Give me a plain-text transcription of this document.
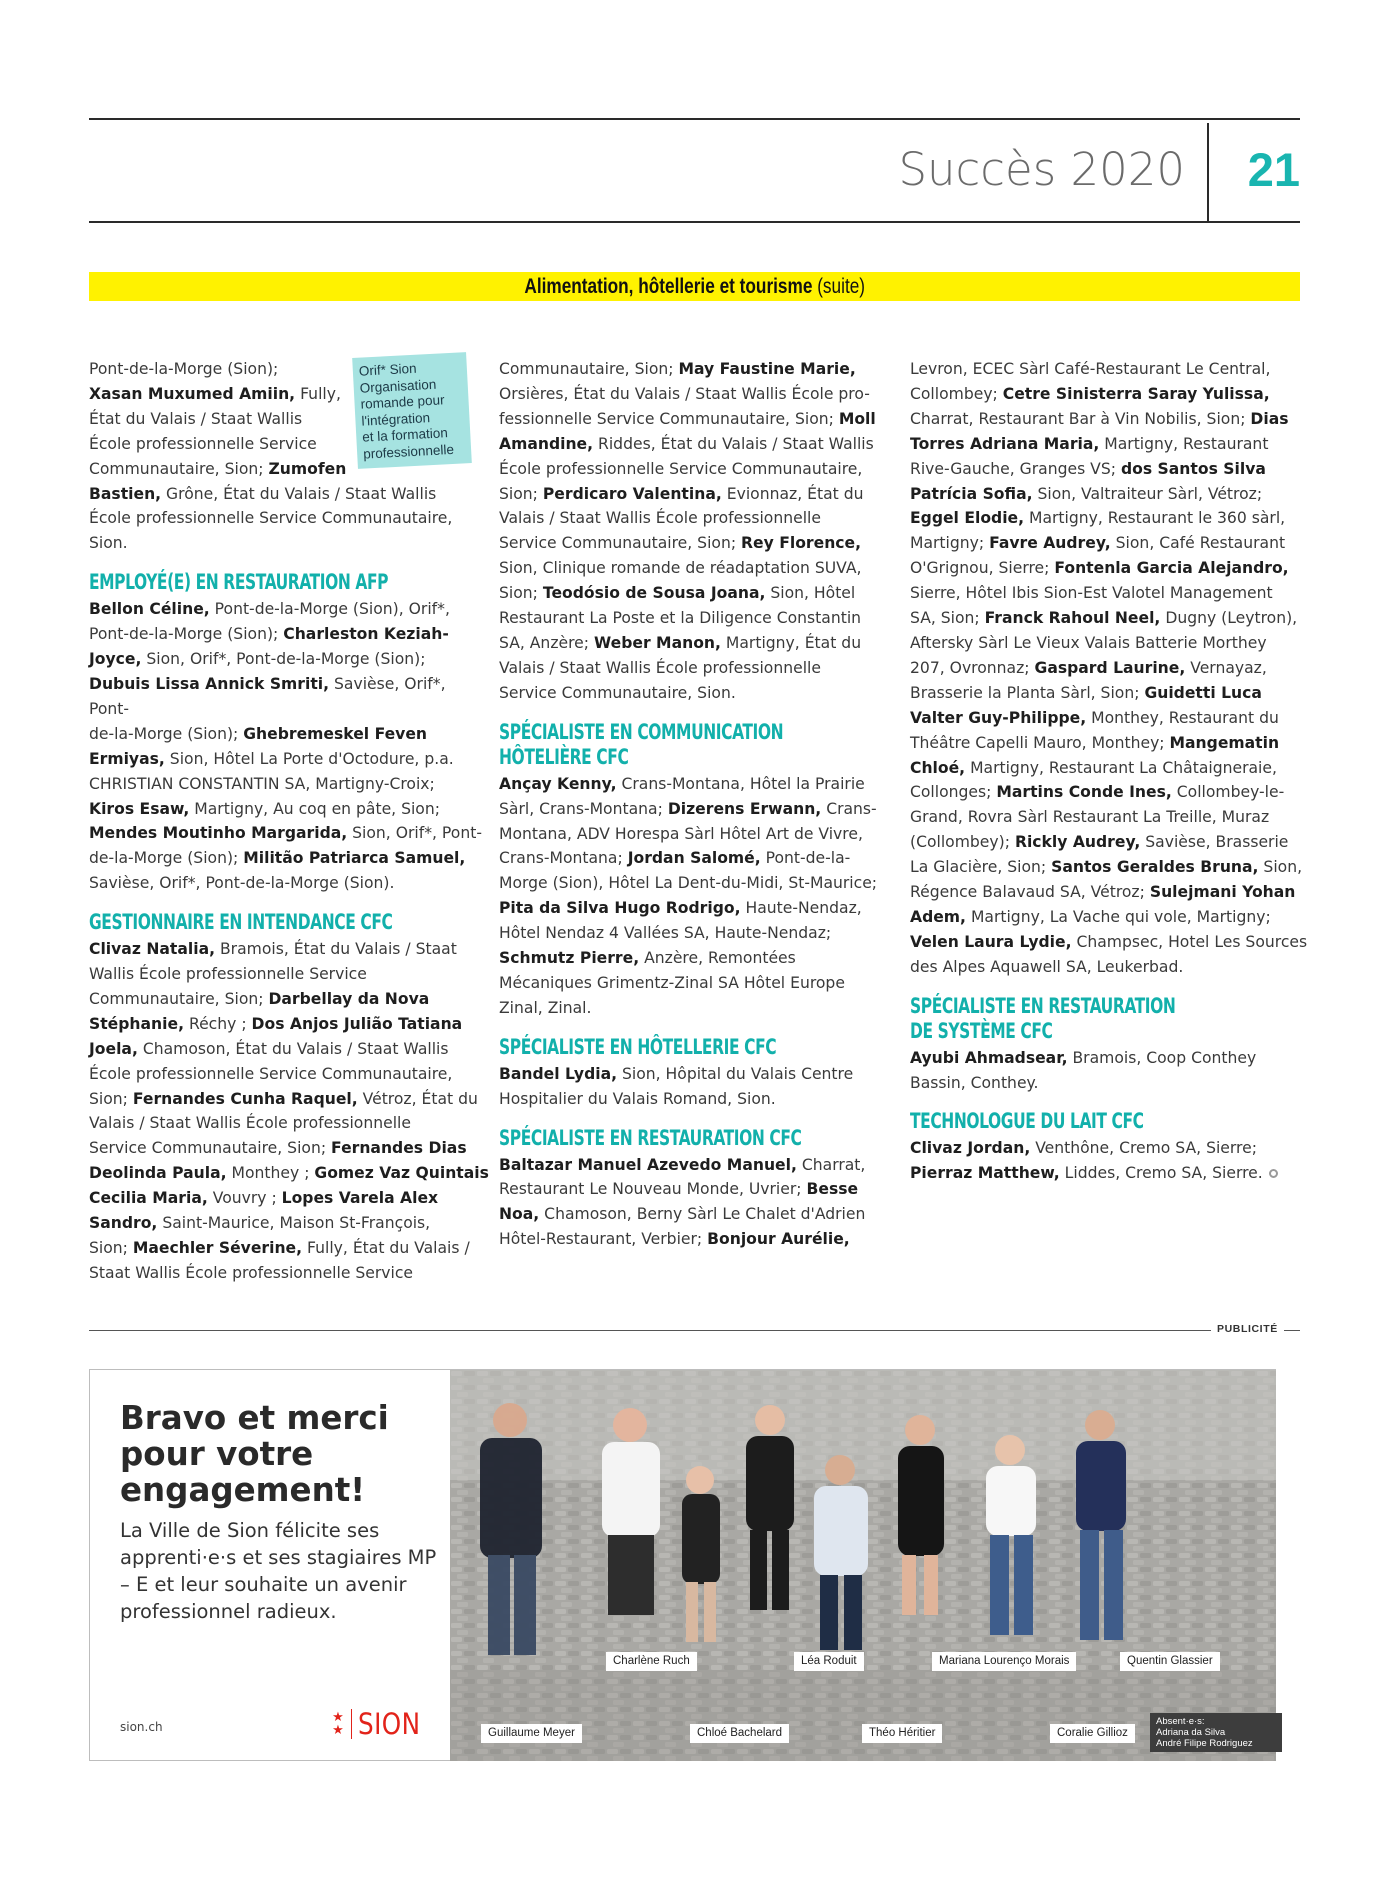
Succès 2020	21
Alimentation, hôtellerie et tourisme (suite)
Orif* Sion
Organisation
romande pour
l'intégration
et la formation
professionnelle

Pont-de-la-Morge (Sion);
Xasan Muxumed Amiin, Fully,
État du Valais / Staat Wallis
École professionnelle Service
Communautaire, Sion; Zumofen
Bastien, Grône, État du Valais / Staat Wallis
École professionnelle Service Communautaire,
Sion.

EMPLOYÉ(E) EN RESTAURATION AFP

Bellon Céline, Pont-de-la-Morge (Sion), Orif*,
Pont-de-la-Morge (Sion); Charleston Keziah-
Joyce, Sion, Orif*, Pont-de-la-Morge (Sion);
Dubuis Lissa Annick Smriti, Savièse, Orif*, Pont-
de-la-Morge (Sion); Ghebremeskel Feven
Ermiyas, Sion, Hôtel La Porte d'Octodure, p.a.
CHRISTIAN CONSTANTIN SA, Martigny-Croix;
Kiros Esaw, Martigny, Au coq en pâte, Sion;
Mendes Moutinho Margarida, Sion, Orif*, Pont-
de-la-Morge (Sion); Militão Patriarca Samuel,
Savièse, Orif*, Pont-de-la-Morge (Sion).

GESTIONNAIRE EN INTENDANCE CFC

Clivaz Natalia, Bramois, État du Valais / Staat
Wallis École professionnelle Service
Communautaire, Sion; Darbellay da Nova
Stéphanie, Réchy ; Dos Anjos Julião Tatiana
Joela, Chamoson, État du Valais / Staat Wallis
École professionnelle Service Communautaire,
Sion; Fernandes Cunha Raquel, Vétroz, État du
Valais / Staat Wallis École professionnelle
Service Communautaire, Sion; Fernandes Dias
Deolinda Paula, Monthey ; Gomez Vaz Quintais
Cecilia Maria, Vouvry ; Lopes Varela Alex
Sandro, Saint-Maurice, Maison St-François,
Sion; Maechler Séverine, Fully, État du Valais /
Staat Wallis École professionnelle Service

Communautaire, Sion; May Faustine Marie,
Orsières, État du Valais / Staat Wallis École pro-
fessionnelle Service Communautaire, Sion; Moll
Amandine, Riddes, État du Valais / Staat Wallis
École professionnelle Service Communautaire,
Sion; Perdicaro Valentina, Evionnaz, État du
Valais / Staat Wallis École professionnelle
Service Communautaire, Sion; Rey Florence,
Sion, Clinique romande de réadaptation SUVA,
Sion; Teodósio de Sousa Joana, Sion, Hôtel
Restaurant La Poste et la Diligence Constantin
SA, Anzère; Weber Manon, Martigny, État du
Valais / Staat Wallis École professionnelle
Service Communautaire, Sion.

SPÉCIALISTE EN COMMUNICATION
HÔTELIÈRE CFC

Ançay Kenny, Crans-Montana, Hôtel la Prairie
Sàrl, Crans-Montana; Dizerens Erwann, Crans-
Montana, ADV Horespa Sàrl Hôtel Art de Vivre,
Crans-Montana; Jordan Salomé, Pont-de-la-
Morge (Sion), Hôtel La Dent-du-Midi, St-Maurice;
Pita da Silva Hugo Rodrigo, Haute-Nendaz,
Hôtel Nendaz 4 Vallées SA, Haute-Nendaz;
Schmutz Pierre, Anzère, Remontées
Mécaniques Grimentz-Zinal SA Hôtel Europe
Zinal, Zinal.

SPÉCIALISTE EN HÔTELLERIE CFC

Bandel Lydia, Sion, Hôpital du Valais Centre
Hospitalier du Valais Romand, Sion.

SPÉCIALISTE EN RESTAURATION CFC

Baltazar Manuel Azevedo Manuel, Charrat,
Restaurant Le Nouveau Monde, Uvrier; Besse
Noa, Chamoson, Berny Sàrl Le Chalet d'Adrien
Hôtel-Restaurant, Verbier; Bonjour Aurélie,

Levron, ECEC Sàrl Café-Restaurant Le Central,
Collombey; Cetre Sinisterra Saray Yulissa,
Charrat, Restaurant Bar à Vin Nobilis, Sion; Dias
Torres Adriana Maria, Martigny, Restaurant
Rive-Gauche, Granges VS; dos Santos Silva
Patrícia Sofia, Sion, Valtraiteur Sàrl, Vétroz;
Eggel Elodie, Martigny, Restaurant le 360 sàrl,
Martigny; Favre Audrey, Sion, Café Restaurant
O'Grignou, Sierre; Fontenla Garcia Alejandro,
Sierre, Hôtel Ibis Sion-Est Valotel Management
SA, Sion; Franck Rahoul Neel, Dugny (Leytron),
Aftersky Sàrl Le Vieux Valais Batterie Morthey
207, Ovronnaz; Gaspard Laurine, Vernayaz,
Brasserie la Planta Sàrl, Sion; Guidetti Luca
Valter Guy-Philippe, Monthey, Restaurant du
Théâtre Capelli Mauro, Monthey; Mangematin
Chloé, Martigny, Restaurant La Châtaigneraie,
Collonges; Martins Conde Ines, Collombey-le-
Grand, Rovra Sàrl Restaurant La Treille, Muraz
(Collombey); Rickly Audrey, Savièse, Brasserie
La Glacière, Sion; Santos Geraldes Bruna, Sion,
Régence Balavaud SA, Vétroz; Sulejmani Yohan
Adem, Martigny, La Vache qui vole, Martigny;
Velen Laura Lydie, Champsec, Hotel Les Sources
des Alpes Aquawell SA, Leukerbad.

SPÉCIALISTE EN RESTAURATION
DE SYSTÈME CFC

Ayubi Ahmadsear, Bramois, Coop Conthey
Bassin, Conthey.

TECHNOLOGUE DU LAIT CFC

Clivaz Jordan, Venthône, Cremo SA, Sierre;
Pierraz Matthew, Liddes, Cremo SA, Sierre.

PUBLICITÉ
Bravo et merci pour votre engagement!
La Ville de Sion félicite ses apprenti·e·s et ses stagiaires MP – E et leur souhaite un avenir professionnel radieux.
sion.ch
★
★ SION
© Studio Bonnardot
Charlène Ruch	Léa Roduit	Mariana Lourenço Morais	Quentin Glassier
Guillaume Meyer	Chloé Bachelard	Théo Héritier	Coralie Gillioz
Absent·e·s:
Adriana da Silva
André Filipe Rodriguez
